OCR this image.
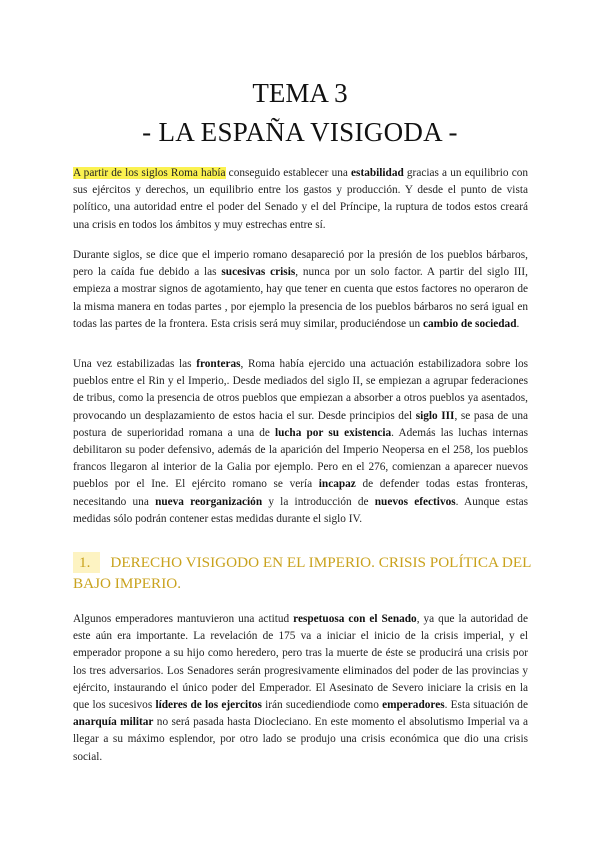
TEMA 3
- LA ESPAÑA VISIGODA -

A partir de los siglos Roma había conseguido establecer una estabilidad gracias a un equilibrio con sus ejércitos y derechos, un equilibrio entre los gastos y producción. Y desde el punto de vista político, una autoridad entre el poder del Senado y el del Príncipe, la ruptura de todos estos creará una crisis en todos los ámbitos y muy estrechas entre sí.

Durante siglos, se dice que el imperio romano desapareció por la presión de los pueblos bárbaros, pero la caída fue debido a las sucesivas crisis, nunca por un solo factor. A partir del siglo III, empieza a mostrar signos de agotamiento, hay que tener en cuenta que estos factores no operaron de la misma manera en todas partes , por ejemplo la presencia de los pueblos bárbaros no será igual en todas las partes de la frontera. Esta crisis será muy similar, produciéndose un cambio de sociedad.

Una vez estabilizadas las fronteras, Roma había ejercido una actuación estabilizadora sobre los pueblos entre el Rin y el Imperio,. Desde mediados del siglo II, se empiezan a agrupar federaciones de tribus, como la presencia de otros pueblos que empiezan a absorber a otros pueblos ya asentados, provocando un desplazamiento de estos hacia el sur. Desde principios del siglo III, se pasa de una postura de superioridad romana a una de lucha por su existencia. Además las luchas internas debilitaron su poder defensivo, además de la aparición del Imperio Neopersa en el 258, los pueblos francos llegaron al interior de la Galia por ejemplo. Pero en el 276, comienzan a aparecer nuevos pueblos por el Ine. El ejército romano se vería incapaz de defender todas estas fronteras, necesitando una nueva reorganización y la introducción de nuevos efectivos. Aunque estas medidas sólo podrán contener estas medidas durante el siglo IV.

1. DERECHO VISIGODO EN EL IMPERIO. CRISIS POLÍTICA DEL BAJO IMPERIO.

Algunos emperadores mantuvieron una actitud respetuosa con el Senado, ya que la autoridad de este aún era importante. La revelación de 175 va a iniciar el inicio de la crisis imperial, y el emperador propone a su hijo como heredero, pero tras la muerte de éste se producirá una crisis por los tres adversarios. Los Senadores serán progresivamente eliminados del poder de las provincias y ejército, instaurando el único poder del Emperador. El Asesinato de Severo iniciare la crisis en la que los sucesivos líderes de los ejercitos irán sucediendiode como emperadores. Esta situación de anarquía militar no será pasada hasta Diocleciano. En este momento el absolutismo Imperial va a llegar a su máximo esplendor, por otro lado se produjo una crisis económica que dio una crisis social.
